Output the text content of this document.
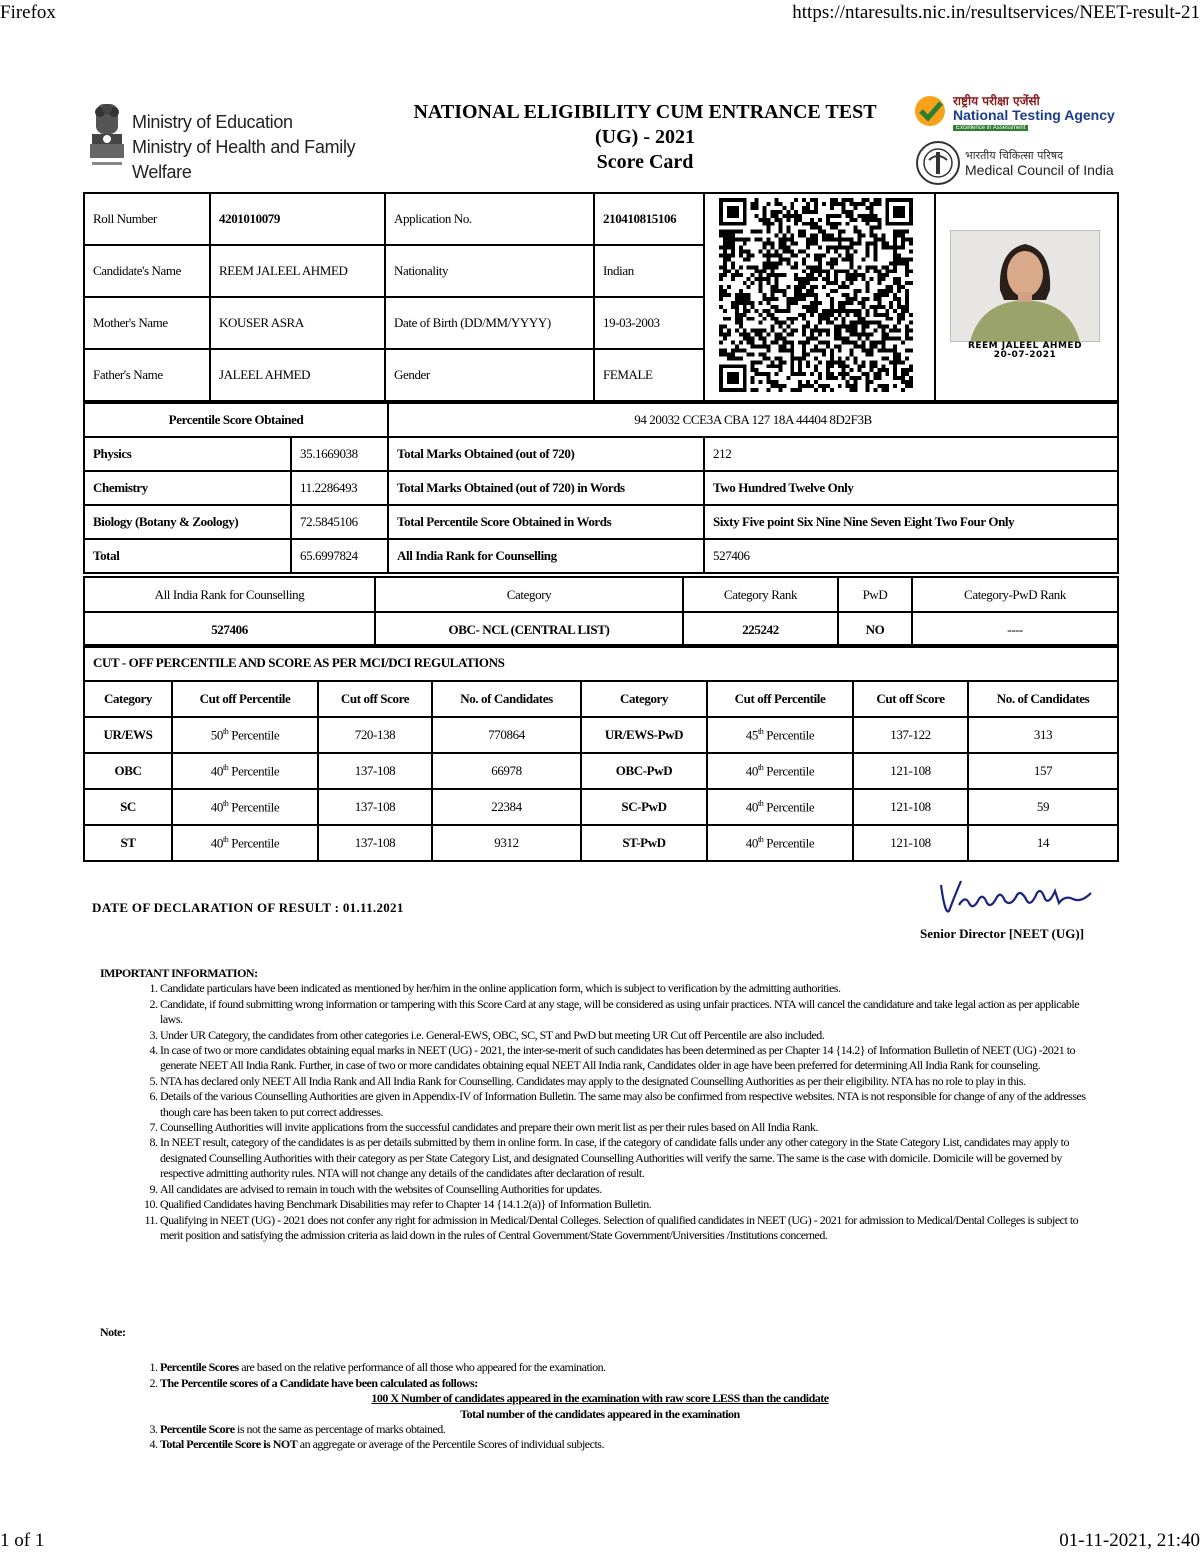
Firefox	https://ntaresults.nic.in/resultservices/NEET-result-21
1 of 1	01-11-2021, 21:40
Ministry of Education
Ministry of Health and Family Welfare
NATIONAL ELIGIBILITY CUM ENTRANCE TEST
(UG) - 2021
Score Card
राष्ट्रीय परीक्षा एजेंसी
National Testing Agency
Excellence in Assessment
भारतीय चिकित्सा परिषद
Medical Council of India
Roll Number	4201010079	Application No.	210410815106		
Candidate's Name	REEM JALEEL AHMED	Nationality	Indian		
Mother's Name	KOUSER ASRA	Date of Birth (DD/MM/YYYY)	19-03-2003		
Father's Name	JALEEL AHMED	Gender	FEMALE		
REEM JALEEL AHMED
20-07-2021
Percentile Score Obtained		94 20032 CCE3A CBA 127 18A 44404 8D2F3B	
Physics	35.1669038	Total Marks Obtained (out of 720)	212
Chemistry	11.2286493	Total Marks Obtained (out of 720) in Words	Two Hundred Twelve Only
Biology (Botany & Zoology)	72.5845106	Total Percentile Score Obtained in Words	Sixty Five point Six Nine Nine Seven Eight Two Four Only
Total	65.6997824	All India Rank for Counselling	527406
All India Rank for Counselling	Category	Category Rank	PwD	Category-PwD Rank
527406	OBC- NCL (CENTRAL LIST)	225242	NO	----
CUT - OFF PERCENTILE AND SCORE AS PER MCI/DCI REGULATIONS							
Category	Cut off Percentile	Cut off Score	No. of Candidates	Category	Cut off Percentile	Cut off Score	No. of Candidates
UR/EWS	50th Percentile	720-138	770864	UR/EWS-PwD	45th Percentile	137-122	313
OBC	40th Percentile	137-108	66978	OBC-PwD	40th Percentile	121-108	157
SC	40th Percentile	137-108	22384	SC-PwD	40th Percentile	121-108	59
ST	40th Percentile	137-108	9312	ST-PwD	40th Percentile	121-108	14
DATE OF DECLARATION OF RESULT : 01.11.2021
Senior Director [NEET (UG)]
IMPORTANT INFORMATION:
1. Candidate particulars have been indicated as mentioned by her/him in the online application form, which is subject to verification by the admitting authorities.
2. Candidate, if found submitting wrong information or tampering with this Score Card at any stage, will be considered as using unfair practices. NTA will cancel the candidature and take legal action as per applicable laws.
3. Under UR Category, the candidates from other categories i.e. General-EWS, OBC, SC, ST and PwD but meeting UR Cut off Percentile are also included.
4. In case of two or more candidates obtaining equal marks in NEET (UG) - 2021, the inter-se-merit of such candidates has been determined as per Chapter 14 {14.2} of Information Bulletin of NEET (UG) -2021 to generate NEET All India Rank. Further, in case of two or more candidates obtaining equal NEET All India rank, Candidates older in age have been preferred for determining All India Rank for counseling.
5. NTA has declared only NEET All India Rank and All India Rank for Counselling. Candidates may apply to the designated Counselling Authorities as per their eligibility. NTA has no role to play in this.
6. Details of the various Counselling Authorities are given in Appendix-IV of Information Bulletin. The same may also be confirmed from respective websites. NTA is not responsible for change of any of the addresses though care has been taken to put correct addresses.
7. Counselling Authorities will invite applications from the successful candidates and prepare their own merit list as per their rules based on All India Rank.
8. In NEET result, category of the candidates is as per details submitted by them in online form. In case, if the category of candidate falls under any other category in the State Category List, candidates may apply to designated Counselling Authorities with their category as per State Category List, and designated Counselling Authorities will verify the same. The same is the case with domicile. Domicile will be governed by respective admitting authority rules. NTA will not change any details of the candidates after declaration of result.
9. All candidates are advised to remain in touch with the websites of Counselling Authorities for updates.
10. Qualified Candidates having Benchmark Disabilities may refer to Chapter 14 {14.1.2(a)} of Information Bulletin.
11. Qualifying in NEET (UG) - 2021 does not confer any right for admission in Medical/Dental Colleges. Selection of qualified candidates in NEET (UG) - 2021 for admission to Medical/Dental Colleges is subject to merit position and satisfying the admission criteria as laid down in the rules of Central Government/State Government/Universities /Institutions concerned.
Note:
1. Percentile Scores are based on the relative performance of all those who appeared for the examination.
2. The Percentile scores of a Candidate have been calculated as follows:
100 X Number of candidates appeared in the examination with raw score LESS than the candidate
Total number of the candidates appeared in the examination
3. Percentile Score is not the same as percentage of marks obtained.
4. Total Percentile Score is NOT an aggregate or average of the Percentile Scores of individual subjects.
